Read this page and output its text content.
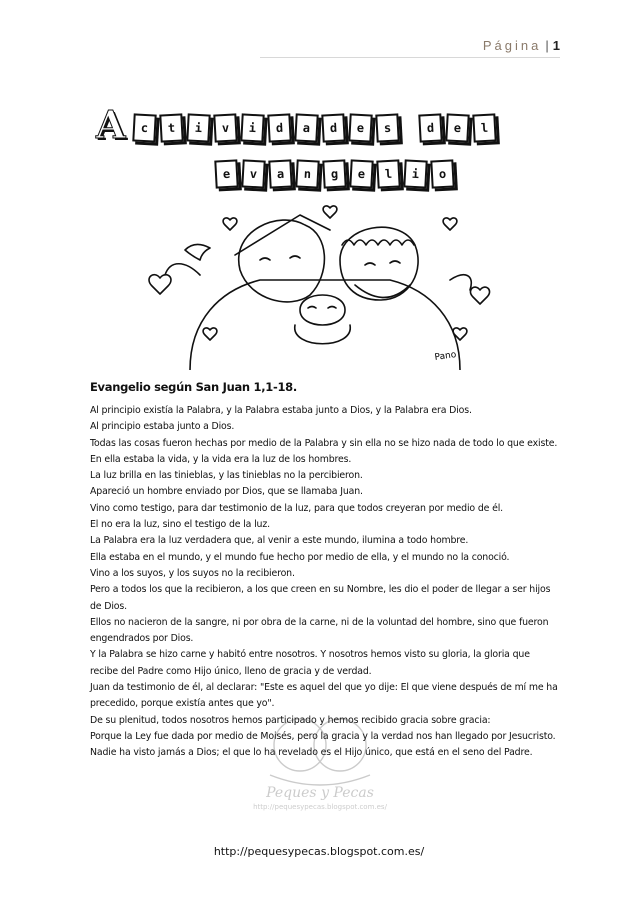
Página | 1
A	c	t	i	v	i	d	a	d	e	s	d	e	l
e	v	a	n	g	e	l	i	o
Pano
Evangelio según San Juan 1,1-18.
Al principio existía la Palabra, y la Palabra estaba junto a Dios, y la Palabra era Dios.
Al principio estaba junto a Dios.
Todas las cosas fueron hechas por medio de la Palabra y sin ella no se hizo nada de todo lo que existe.
En ella estaba la vida, y la vida era la luz de los hombres.
La luz brilla en las tinieblas, y las tinieblas no la percibieron.
Apareció un hombre enviado por Dios, que se llamaba Juan.
Vino como testigo, para dar testimonio de la luz, para que todos creyeran por medio de él.
El no era la luz, sino el testigo de la luz.
La Palabra era la luz verdadera que, al venir a este mundo, ilumina a todo hombre.
Ella estaba en el mundo, y el mundo fue hecho por medio de ella, y el mundo no la conoció.
Vino a los suyos, y los suyos no la recibieron.
Pero a todos los que la recibieron, a los que creen en su Nombre, les dio el poder de llegar a ser hijos de Dios.
Ellos no nacieron de la sangre, ni por obra de la carne, ni de la voluntad del hombre, sino que fueron engendrados por Dios.
Y la Palabra se hizo carne y habitó entre nosotros. Y nosotros hemos visto su gloria, la gloria que recibe del Padre como Hijo único, lleno de gracia y de verdad.
Juan da testimonio de él, al declarar: "Este es aquel del que yo dije: El que viene después de mí me ha precedido, porque existía antes que yo".
De su plenitud, todos nosotros hemos participado y hemos recibido gracia sobre gracia:
Porque la Ley fue dada por medio de Moisés, pero la gracia y la verdad nos han llegado por Jesucristo.
Nadie ha visto jamás a Dios; el que lo ha revelado es el Hijo único, que está en el seno del Padre.
Peques y Pecas
http://pequesypecas.blogspot.com.es/
http://pequesypecas.blogspot.com.es/
